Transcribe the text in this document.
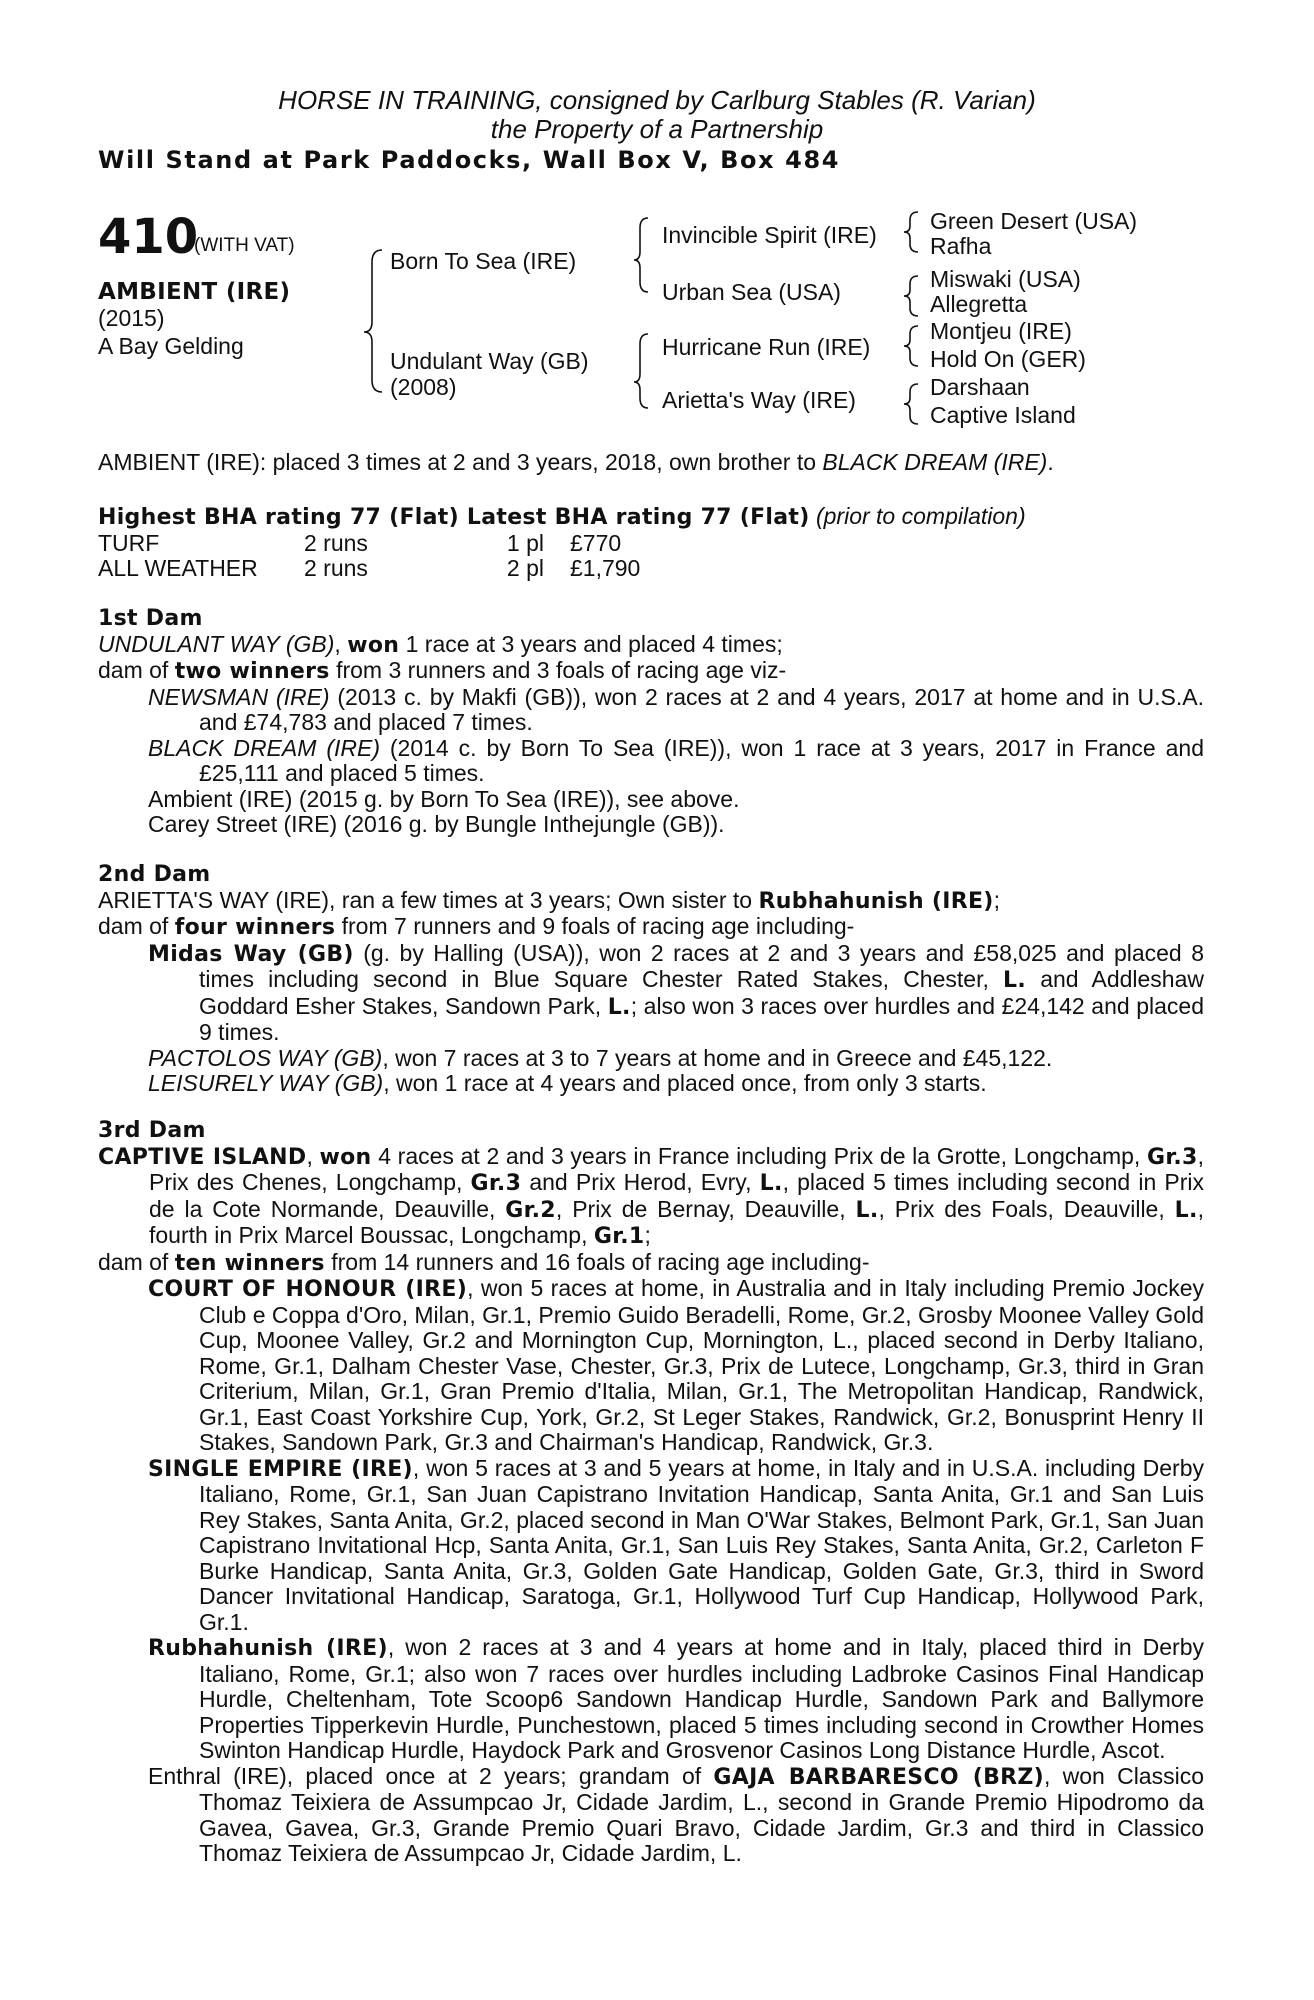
HORSE IN TRAINING, consigned by Carlburg Stables (R. Varian)
the Property of a Partnership
Will Stand at Park Paddocks, Wall Box V, Box 484
410
(WITH VAT)
AMBIENT (IRE)
(2015)
A Bay Gelding
Born To Sea (IRE)
Undulant Way (GB)
(2008)
Invincible Spirit (IRE)
Urban Sea (USA)
Hurricane Run (IRE)
Arietta's Way (IRE)
Green Desert (USA)
Rafha
Miswaki (USA)
Allegretta
Montjeu (IRE)
Hold On (GER)
Darshaan
Captive Island

AMBIENT (IRE): placed 3 times at 2 and 3 years, 2018, own brother to BLACK DREAM (IRE).

Highest BHA rating 77 (Flat) Latest BHA rating 77 (Flat) (prior to compilation)

TURF	2 runs	1 pl £770
ALL WEATHER	2 runs	2 pl £1,790

1st Dam

UNDULANT WAY (GB), won 1 race at 3 years and placed 4 times;

dam of two winners from 3 runners and 3 foals of racing age viz-

NEWSMAN (IRE) (2013 c. by Makfi (GB)), won 2 races at 2 and 4 years, 2017 at home and in U.S.A. and £74,783 and placed 7 times.

BLACK DREAM (IRE) (2014 c. by Born To Sea (IRE)), won 1 race at 3 years, 2017 in France and £25,111 and placed 5 times.

Ambient (IRE) (2015 g. by Born To Sea (IRE)), see above.

Carey Street (IRE) (2016 g. by Bungle Inthejungle (GB)).

2nd Dam

ARIETTA'S WAY (IRE), ran a few times at 3 years; Own sister to Rubhahunish (IRE);

dam of four winners from 7 runners and 9 foals of racing age including-

Midas Way (GB) (g. by Halling (USA)), won 2 races at 2 and 3 years and £58,025 and placed 8 times including second in Blue Square Chester Rated Stakes, Chester, L. and Addleshaw Goddard Esher Stakes, Sandown Park, L.; also won 3 races over hurdles and £24,142 and placed 9 times.

PACTOLOS WAY (GB), won 7 races at 3 to 7 years at home and in Greece and £45,122.

LEISURELY WAY (GB), won 1 race at 4 years and placed once, from only 3 starts.

3rd Dam

CAPTIVE ISLAND, won 4 races at 2 and 3 years in France including Prix de la Grotte, Longchamp, Gr.3, Prix des Chenes, Longchamp, Gr.3 and Prix Herod, Evry, L., placed 5 times including second in Prix de la Cote Normande, Deauville, Gr.2, Prix de Bernay, Deauville, L., Prix des Foals, Deauville, L., fourth in Prix Marcel Boussac, Longchamp, Gr.1;

dam of ten winners from 14 runners and 16 foals of racing age including-

COURT OF HONOUR (IRE), won 5 races at home, in Australia and in Italy including Premio Jockey Club e Coppa d'Oro, Milan, Gr.1, Premio Guido Beradelli, Rome, Gr.2, Grosby Moonee Valley Gold Cup, Moonee Valley, Gr.2 and Mornington Cup, Mornington, L., placed second in Derby Italiano, Rome, Gr.1, Dalham Chester Vase, Chester, Gr.3, Prix de Lutece, Longchamp, Gr.3, third in Gran Criterium, Milan, Gr.1, Gran Premio d'Italia, Milan, Gr.1, The Metropolitan Handicap, Randwick, Gr.1, East Coast Yorkshire Cup, York, Gr.2, St Leger Stakes, Randwick, Gr.2, Bonusprint Henry II Stakes, Sandown Park, Gr.3 and Chairman's Handicap, Randwick, Gr.3.

SINGLE EMPIRE (IRE), won 5 races at 3 and 5 years at home, in Italy and in U.S.A. including Derby Italiano, Rome, Gr.1, San Juan Capistrano Invitation Handicap, Santa Anita, Gr.1 and San Luis Rey Stakes, Santa Anita, Gr.2, placed second in Man O'War Stakes, Belmont Park, Gr.1, San Juan Capistrano Invitational Hcp, Santa Anita, Gr.1, San Luis Rey Stakes, Santa Anita, Gr.2, Carleton F Burke Handicap, Santa Anita, Gr.3, Golden Gate Handicap, Golden Gate, Gr.3, third in Sword Dancer Invitational Handicap, Saratoga, Gr.1, Hollywood Turf Cup Handicap, Hollywood Park, Gr.1.

Rubhahunish (IRE), won 2 races at 3 and 4 years at home and in Italy, placed third in Derby Italiano, Rome, Gr.1; also won 7 races over hurdles including Ladbroke Casinos Final Handicap Hurdle, Cheltenham, Tote Scoop6 Sandown Handicap Hurdle, Sandown Park and Ballymore Properties Tipperkevin Hurdle, Punchestown, placed 5 times including second in Crowther Homes Swinton Handicap Hurdle, Haydock Park and Grosvenor Casinos Long Distance Hurdle, Ascot.

Enthral (IRE), placed once at 2 years; grandam of GAJA BARBARESCO (BRZ), won Classico Thomaz Teixiera de Assumpcao Jr, Cidade Jardim, L., second in Grande Premio Hipodromo da Gavea, Gavea, Gr.3, Grande Premio Quari Bravo, Cidade Jardim, Gr.3 and third in Classico Thomaz Teixiera de Assumpcao Jr, Cidade Jardim, L.
